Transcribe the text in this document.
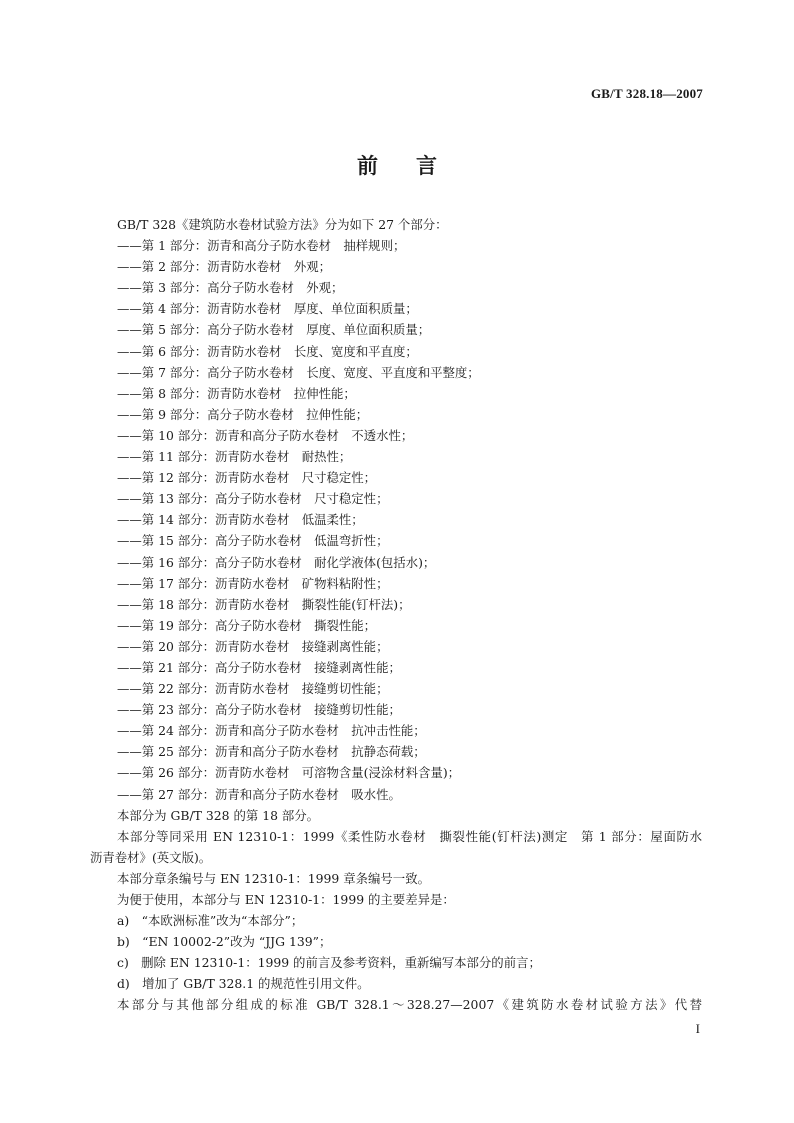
GB/T 328.18—2007
前言
GB/T 328《建筑防水卷材试验方法》分为如下 27 个部分：
——第 1 部分：沥青和高分子防水卷材　抽样规则；
——第 2 部分：沥青防水卷材　外观；
——第 3 部分：高分子防水卷材　外观；
——第 4 部分：沥青防水卷材　厚度、单位面积质量；
——第 5 部分：高分子防水卷材　厚度、单位面积质量；
——第 6 部分：沥青防水卷材　长度、宽度和平直度；
——第 7 部分：高分子防水卷材　长度、宽度、平直度和平整度；
——第 8 部分：沥青防水卷材　拉伸性能；
——第 9 部分：高分子防水卷材　拉伸性能；
——第 10 部分：沥青和高分子防水卷材　不透水性；
——第 11 部分：沥青防水卷材　耐热性；
——第 12 部分：沥青防水卷材　尺寸稳定性；
——第 13 部分：高分子防水卷材　尺寸稳定性；
——第 14 部分：沥青防水卷材　低温柔性；
——第 15 部分：高分子防水卷材　低温弯折性；
——第 16 部分：高分子防水卷材　耐化学液体(包括水)；
——第 17 部分：沥青防水卷材　矿物料粘附性；
——第 18 部分：沥青防水卷材　撕裂性能(钉杆法)；
——第 19 部分：高分子防水卷材　撕裂性能；
——第 20 部分：沥青防水卷材　接缝剥离性能；
——第 21 部分：高分子防水卷材　接缝剥离性能；
——第 22 部分：沥青防水卷材　接缝剪切性能；
——第 23 部分：高分子防水卷材　接缝剪切性能；
——第 24 部分：沥青和高分子防水卷材　抗冲击性能；
——第 25 部分：沥青和高分子防水卷材　抗静态荷载；
——第 26 部分：沥青防水卷材　可溶物含量(浸涂材料含量)；
——第 27 部分：沥青和高分子防水卷材　吸水性。
本部分为 GB/T 328 的第 18 部分。
本部分等同采用 EN 12310-1：1999《柔性防水卷材　撕裂性能(钉杆法)测定　第 1 部分：屋面防水
沥青卷材》(英文版)。
本部分章条编号与 EN 12310-1：1999 章条编号一致。
为便于使用，本部分与 EN 12310-1：1999 的主要差异是：
a)　“本欧洲标准”改为“本部分”；
b)　“EN 10002-2”改为 “JJG 139”；
c)　删除 EN 12310-1：1999 的前言及参考资料，重新编写本部分的前言；
d)　增加了 GB/T 328.1 的规范性引用文件。
本部分与其他部分组成的标准 GB/T 328.1～328.27—2007《建筑防水卷材试验方法》代替
I
